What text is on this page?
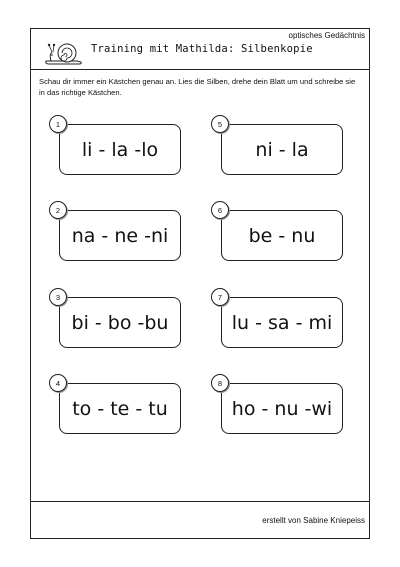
optisches Gedächtnis
Training mit Mathilda: Silbenkopie
Schau dir immer ein Kästchen genau an. Lies die Silben, drehe dein Blatt um und schreibe sie in das richtige Kästchen.
1
li - la -lo
5
ni - la
2
na - ne -ni
6
be - nu
3
bi - bo -bu
7
lu - sa - mi
4
to - te - tu
8
ho - nu -wi
erstellt von Sabine Kniepeiss
